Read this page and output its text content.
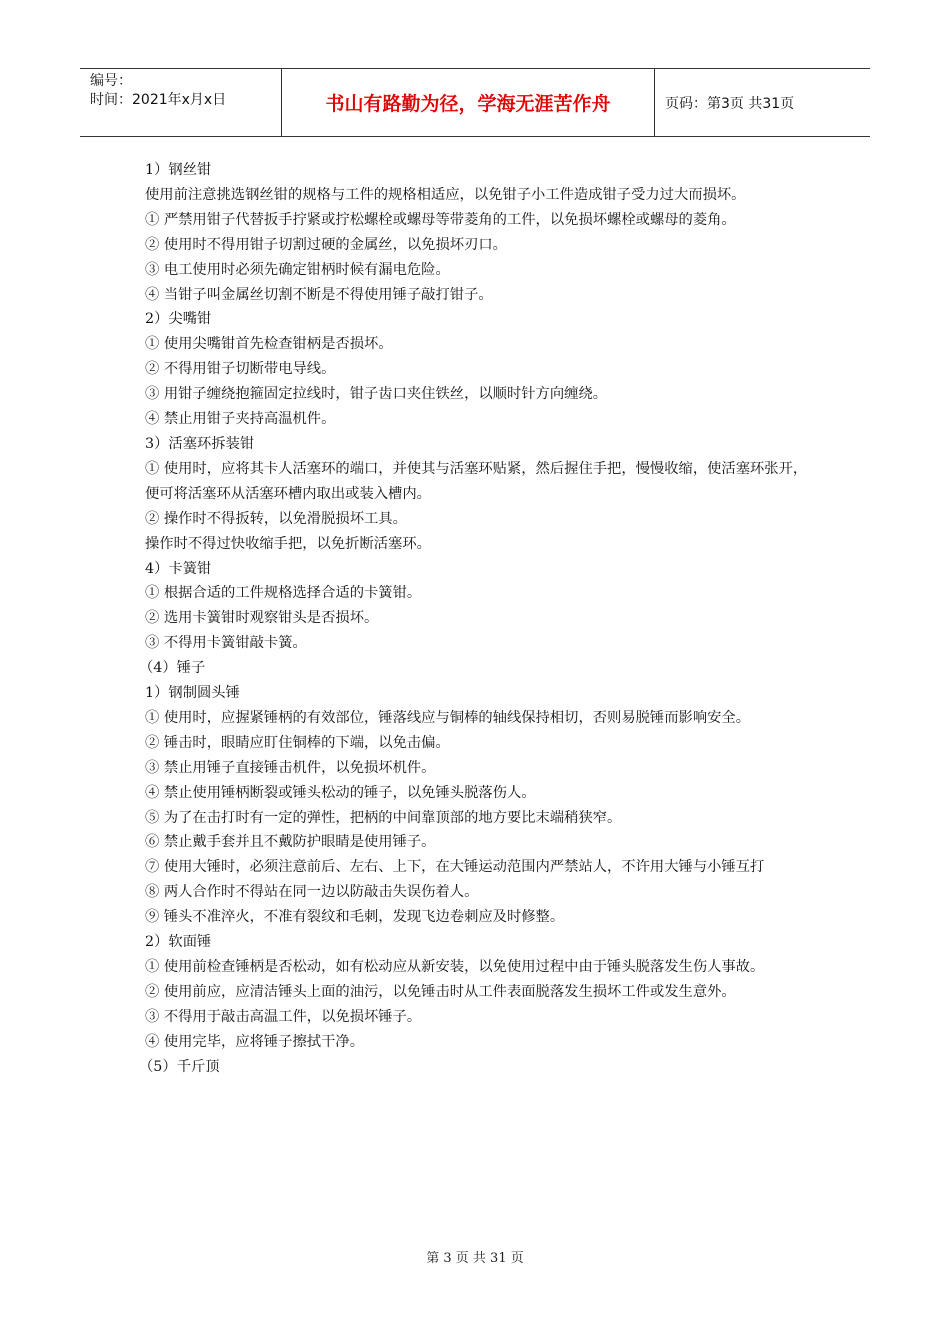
编号：
时间：2021年x月x日	书山有路勤为径，学海无涯苦作舟	页码：第3页 共31页

1）钢丝钳

使用前注意挑选钢丝钳的规格与工件的规格相适应，以免钳子小工件造成钳子受力过大而损坏。

① 严禁用钳子代替扳手拧紧或拧松螺栓或螺母等带菱角的工件，以免损坏螺栓或螺母的菱角。

② 使用时不得用钳子切割过硬的金属丝，以免损坏刃口。

③ 电工使用时必须先确定钳柄时候有漏电危险。

④ 当钳子叫金属丝切割不断是不得使用锤子敲打钳子。

2）尖嘴钳

① 使用尖嘴钳首先检查钳柄是否损坏。

② 不得用钳子切断带电导线。

③ 用钳子缠绕抱箍固定拉线时，钳子齿口夹住铁丝，以顺时针方向缠绕。

④ 禁止用钳子夹持高温机件。

3）活塞环拆装钳

① 使用时，应将其卡人活塞环的端口，并使其与活塞环贴紧，然后握住手把，慢慢收缩，使活塞环张开，便可将活塞环从活塞环槽内取出或装入槽内。

② 操作时不得扳转，以免滑脱损坏工具。

操作时不得过快收缩手把，以免折断活塞环。

4）卡簧钳

① 根据合适的工件规格选择合适的卡簧钳。

② 选用卡簧钳时观察钳头是否损坏。

③ 不得用卡簧钳敲卡簧。

（4）锤子

1）钢制圆头锤

① 使用时，应握紧锤柄的有效部位，锤落线应与铜棒的轴线保持相切，否则易脱锤而影响安全。

② 锤击时，眼睛应盯住铜棒的下端，以免击偏。

③ 禁止用锤子直接锤击机件，以免损坏机件。

④ 禁止使用锤柄断裂或锤头松动的锤子，以免锤头脱落伤人。

⑤ 为了在击打时有一定的弹性，把柄的中间靠顶部的地方要比末端稍狭窄。

⑥ 禁止戴手套并且不戴防护眼睛是使用锤子。

⑦ 使用大锤时，必须注意前后、左右、上下，在大锤运动范围内严禁站人，不许用大锤与小锤互打

⑧ 两人合作时不得站在同一边以防敲击失误伤着人。

⑨ 锤头不准淬火，不准有裂纹和毛刺，发现飞边卷刺应及时修整。

2）软面锤

① 使用前检查锤柄是否松动，如有松动应从新安装，以免使用过程中由于锤头脱落发生伤人事故。

② 使用前应，应清洁锤头上面的油污，以免锤击时从工件表面脱落发生损坏工件或发生意外。

③ 不得用于敲击高温工件，以免损坏锤子。

④ 使用完毕，应将锤子擦拭干净。

（5）千斤顶

第 3 页 共 31 页
